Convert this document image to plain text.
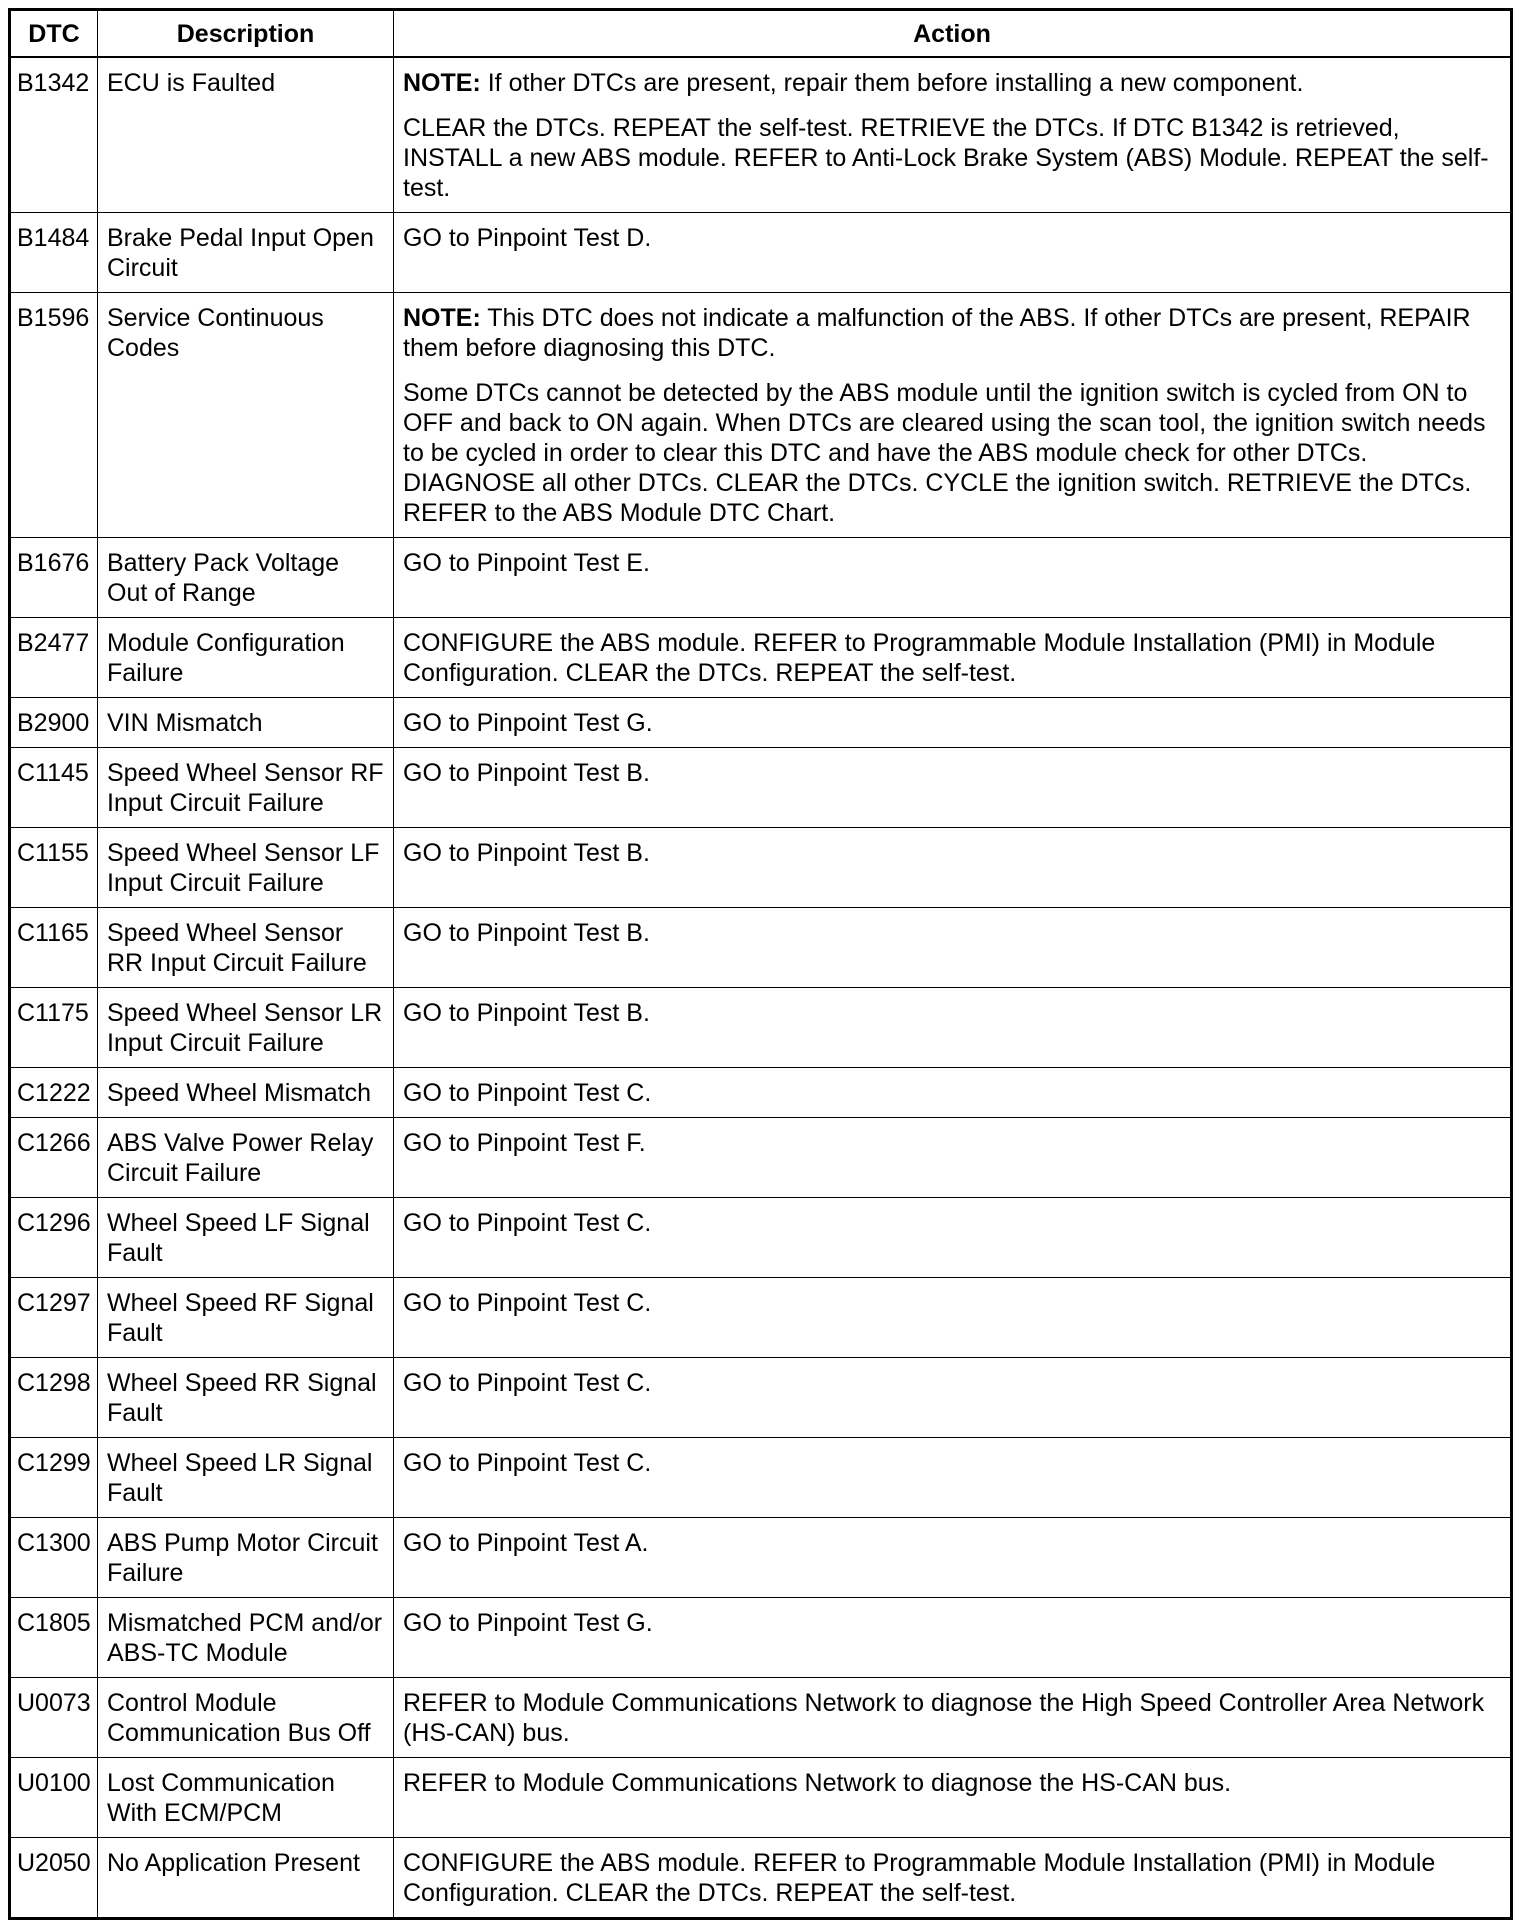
DTC	Description	Action
B1342	ECU is Faulted	NOTE: If other DTCs are present, repair them before installing a new component.
CLEAR the DTCs. REPEAT the self-test. RETRIEVE the DTCs. If DTC B1342 is retrieved, INSTALL a new ABS module. REFER to Anti-Lock Brake System (ABS) Module. REPEAT the self-test.

B1484	Brake Pedal Input Open Circuit	GO to Pinpoint Test D.

B1596	Service Continuous Codes	NOTE: This DTC does not indicate a malfunction of the ABS. If other DTCs are present, REPAIR them before diagnosing this DTC.
Some DTCs cannot be detected by the ABS module until the ignition switch is cycled from ON to OFF and back to ON again. When DTCs are cleared using the scan tool, the ignition switch needs to be cycled in order to clear this DTC and have the ABS module check for other DTCs. DIAGNOSE all other DTCs. CLEAR the DTCs. CYCLE the ignition switch. RETRIEVE the DTCs. REFER to the ABS Module DTC Chart.

B1676	Battery Pack Voltage Out of Range	GO to Pinpoint Test E.

B2477	Module Configuration Failure	CONFIGURE the ABS module. REFER to Programmable Module Installation (PMI) in Module Configuration. CLEAR the DTCs. REPEAT the self-test.

B2900	VIN Mismatch	GO to Pinpoint Test G.

C1145	Speed Wheel Sensor RF Input Circuit Failure	GO to Pinpoint Test B.

C1155	Speed Wheel Sensor LF Input Circuit Failure	GO to Pinpoint Test B.

C1165	Speed Wheel Sensor RR Input Circuit Failure	GO to Pinpoint Test B.

C1175	Speed Wheel Sensor LR Input Circuit Failure	GO to Pinpoint Test B.

C1222	Speed Wheel Mismatch	GO to Pinpoint Test C.

C1266	ABS Valve Power Relay Circuit Failure	GO to Pinpoint Test F.

C1296	Wheel Speed LF Signal Fault	GO to Pinpoint Test C.

C1297	Wheel Speed RF Signal Fault	GO to Pinpoint Test C.

C1298	Wheel Speed RR Signal Fault	GO to Pinpoint Test C.

C1299	Wheel Speed LR Signal Fault	GO to Pinpoint Test C.

C1300	ABS Pump Motor Circuit Failure	GO to Pinpoint Test A.

C1805	Mismatched PCM and/or ABS-TC Module	GO to Pinpoint Test G.

U0073	Control Module Communication Bus Off	REFER to Module Communications Network to diagnose the High Speed Controller Area Network (HS-CAN) bus.

U0100	Lost Communication With ECM/PCM	REFER to Module Communications Network to diagnose the HS-CAN bus.

U2050	No Application Present	CONFIGURE the ABS module. REFER to Programmable Module Installation (PMI) in Module Configuration. CLEAR the DTCs. REPEAT the self-test.
